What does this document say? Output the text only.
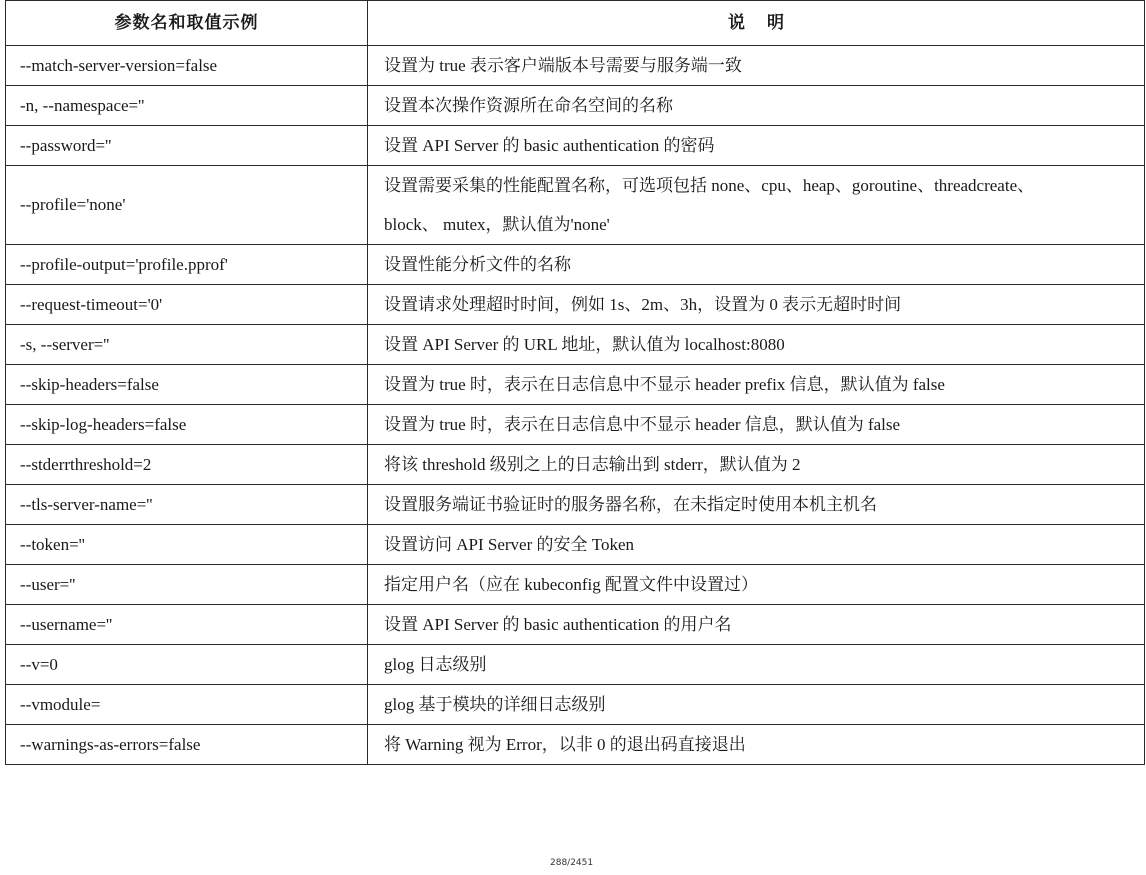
参数名和取值示例	说明
--match-server-version=false	设置为 true 表示客户端版本号需要与服务端一致
-n, --namespace=''	设置本次操作资源所在命名空间的名称
--password=''	设置 API Server 的 basic authentication 的密码
--profile='none'	设置需要采集的性能配置名称，可选项包括 none、cpu、heap、goroutine、threadcreate、
block、 mutex，默认值为'none'

--profile-output='profile.pprof'	设置性能分析文件的名称
--request-timeout='0'	设置请求处理超时时间，例如 1s、2m、3h，设置为 0 表示无超时时间
-s, --server=''	设置 API Server 的 URL 地址，默认值为 localhost:8080
--skip-headers=false	设置为 true 时，表示在日志信息中不显示 header prefix 信息，默认值为 false
--skip-log-headers=false	设置为 true 时，表示在日志信息中不显示 header 信息，默认值为 false
--stderrthreshold=2	将该 threshold 级别之上的日志输出到 stderr，默认值为 2
--tls-server-name=''	设置服务端证书验证时的服务器名称，在未指定时使用本机主机名
--token=''	设置访问 API Server 的安全 Token
--user=''	指定用户名（应在 kubeconfig 配置文件中设置过）
--username=''	设置 API Server 的 basic authentication 的用户名
--v=0	glog 日志级别
--vmodule=	glog 基于模块的详细日志级别
--warnings-as-errors=false	将 Warning 视为 Error，以非 0 的退出码直接退出
288/2451
